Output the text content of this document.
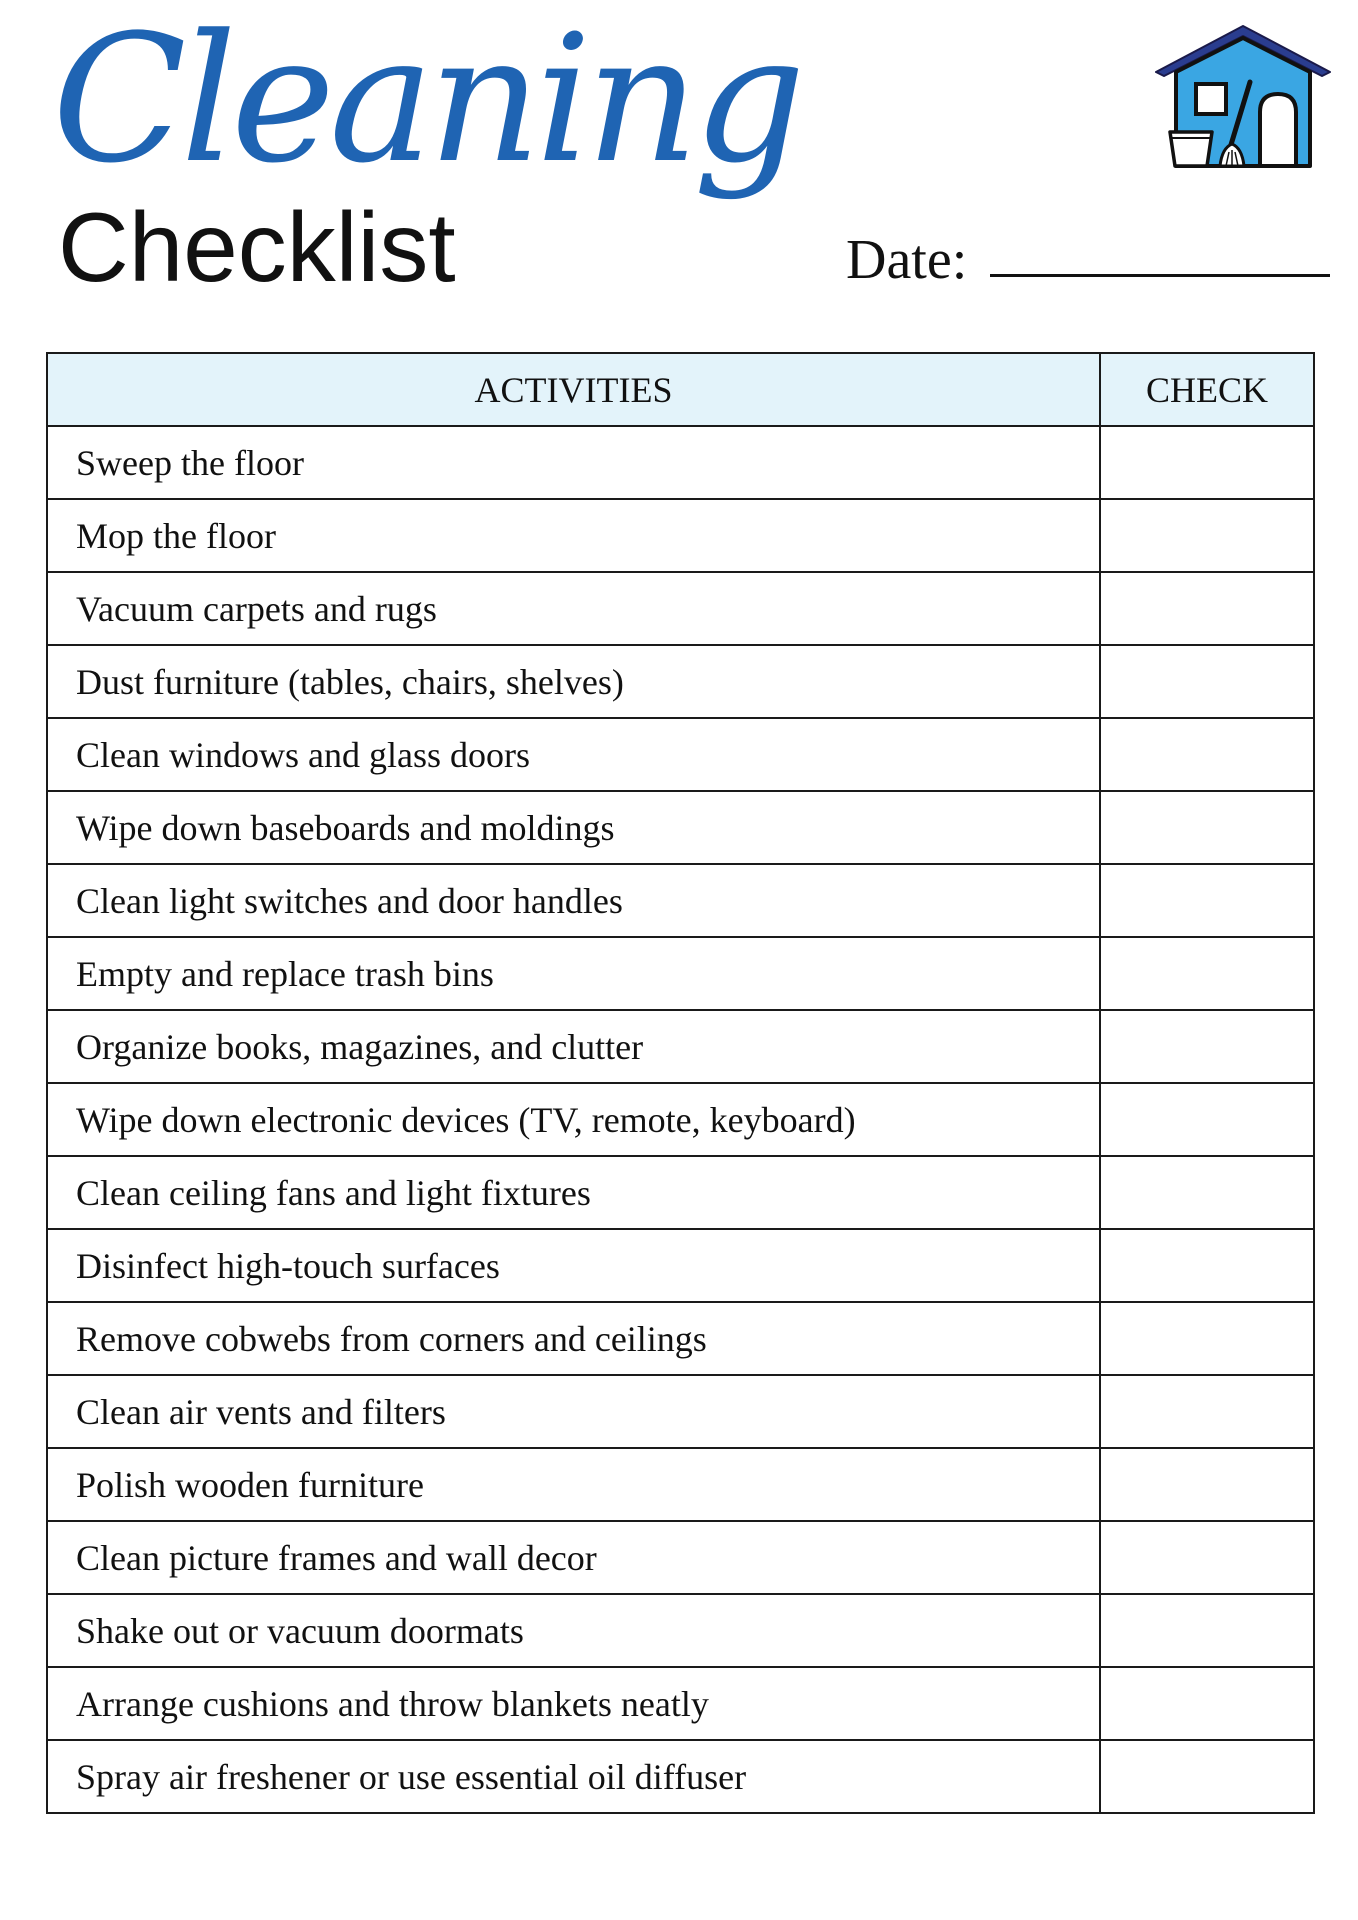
Cleaning
Checklist	Date:
ACTIVITIES	CHECK
Sweep the floor	
Mop the floor	
Vacuum carpets and rugs	
Dust furniture (tables, chairs, shelves)	
Clean windows and glass doors	
Wipe down baseboards and moldings	
Clean light switches and door handles	
Empty and replace trash bins	
Organize books, magazines, and clutter	
Wipe down electronic devices (TV, remote, keyboard)	
Clean ceiling fans and light fixtures	
Disinfect high-touch surfaces	
Remove cobwebs from corners and ceilings	
Clean air vents and filters	
Polish wooden furniture	
Clean picture frames and wall decor	
Shake out or vacuum doormats	
Arrange cushions and throw blankets neatly	
Spray air freshener or use essential oil diffuser	
